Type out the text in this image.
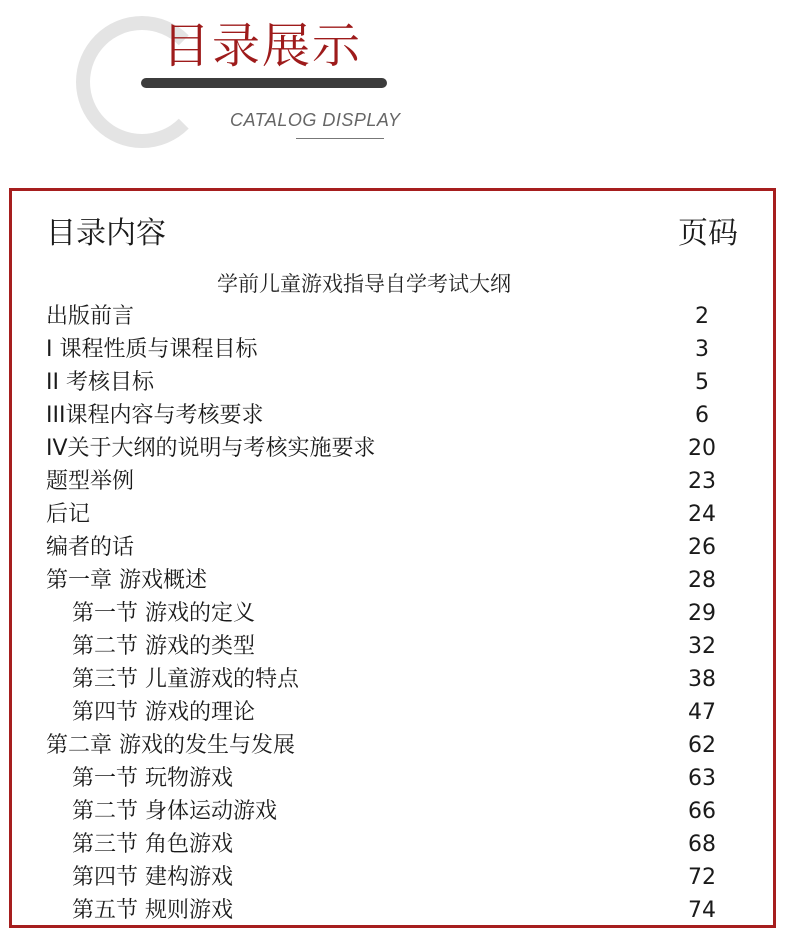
目录展示
CATALOG DISPLAY
目录内容	页码
学前儿童游戏指导自学考试大纲
出版前言	2
I 课程性质与课程目标	3
II 考核目标	5
III课程内容与考核要求	6
IV关于大纲的说明与考核实施要求	20
题型举例	23
后记	24
编者的话	26
第一章 游戏概述	28
第一节 游戏的定义	29
第二节 游戏的类型	32
第三节 儿童游戏的特点	38
第四节 游戏的理论	47
第二章 游戏的发生与发展	62
第一节 玩物游戏	63
第二节 身体运动游戏	66
第三节 角色游戏	68
第四节 建构游戏	72
第五节 规则游戏	74
